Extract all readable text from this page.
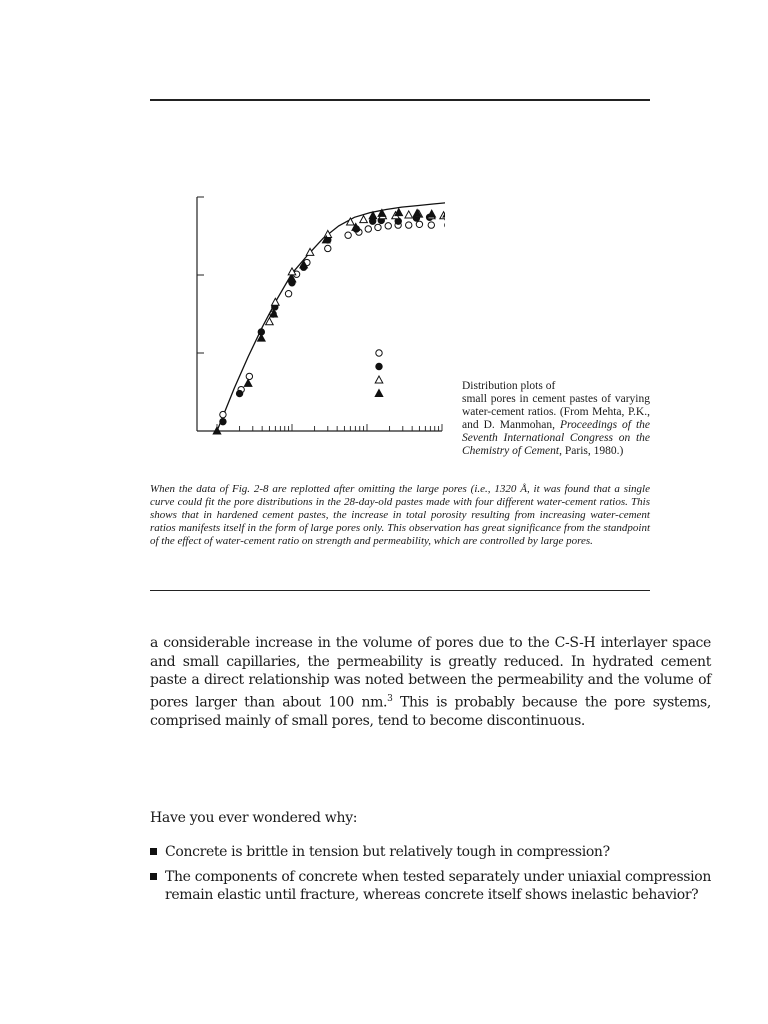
Distribution plots of
small pores in cement pastes of varying water-cement ratios. (From Mehta, P.K., and D. Manmohan, Proceedings of the Seventh International Congress on the Chemistry of Cement, Paris, 1980.)

When the data of Fig. 2-8 are replotted after omitting the large pores (i.e., 1320 Å, it was found that a single curve could fit the pore distributions in the 28-day-old pastes made with four different water-cement ratios. This shows that in hardened cement pastes, the increase in total porosity resulting from increasing water-cement ratios manifests itself in the form of large pores only. This observation has great significance from the standpoint of the effect of water-cement ratio on strength and permeability, which are controlled by large pores.

a considerable increase in the volume of pores due to the C-S-H interlayer space and small capillaries, the permeability is greatly reduced. In hydrated cement paste a direct relationship was noted between the permeability and the volume of pores larger than about 100 nm.$^3$ This is probably because the pore systems, comprised mainly of small pores, tend to become discontinuous.

Have you ever wondered why:

Concrete is brittle in tension but relatively tough in compression?
The components of concrete when tested separately under uniaxial compression remain elastic until fracture, whereas concrete itself shows inelastic behavior?
